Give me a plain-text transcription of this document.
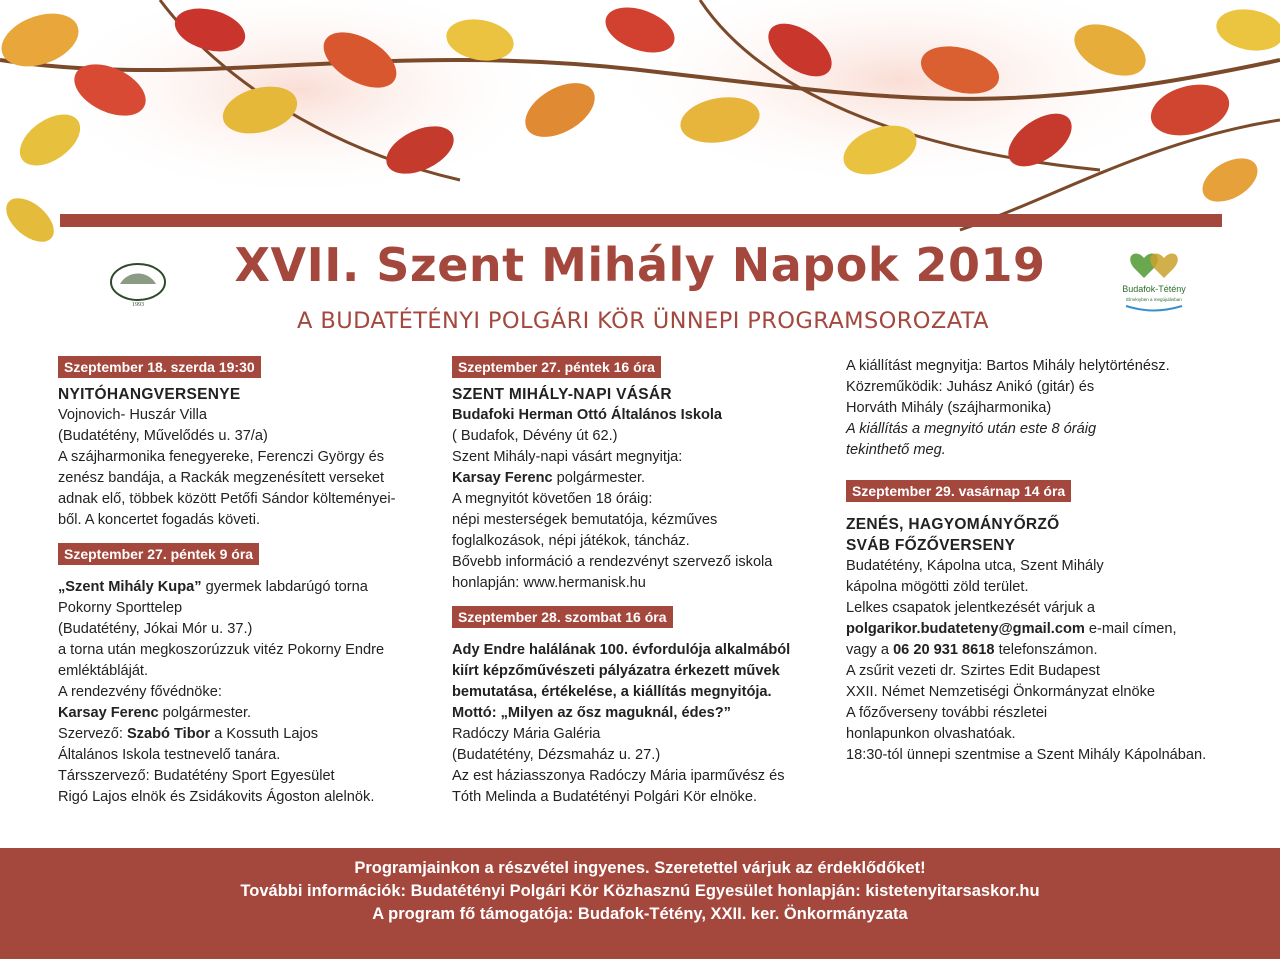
1993
Budafok-Tétény
Élményben a megújulásban
XVII. Szent Mihály Napok 2019
A BUDATÉTÉNYI POLGÁRI KÖR ÜNNEPI PROGRAMSOROZATA
Szeptember 18. szerda 19:30

NYITÓHANGVERSENYE

Vojnovich- Huszár Villa

(Budatétény, Művelődés u. 37/a)

A szájharmonika fenegyereke, Ferenczi György és

zenész bandája, a Rackák megzenésített verseket

adnak elő, többek között Petőfi Sándor költeményei-

ből. A koncertet fogadás követi.

Szeptember 27. péntek 9 óra

„Szent Mihály Kupa” gyermek labdarúgó torna

Pokorny Sporttelep

(Budatétény, Jókai Mór u. 37.)

a torna után megkoszorúzzuk vitéz Pokorny Endre

emléktábláját.

A rendezvény fővédnöke:

Karsay Ferenc polgármester.

Szervező: Szabó Tibor a Kossuth Lajos

Általános Iskola testnevelő tanára.

Társszervező: Budatétény Sport Egyesület

Rigó Lajos elnök és Zsidákovits Ágoston alelnök.

Szeptember 27. péntek 16 óra

SZENT MIHÁLY-NAPI VÁSÁR

Budafoki Herman Ottó Általános Iskola

( Budafok, Dévény út 62.)

Szent Mihály-napi vásárt megnyitja:

Karsay Ferenc polgármester.

A megnyitót követően 18 óráig:

népi mesterségek bemutatója, kézműves

foglalkozások, népi játékok, táncház.

Bővebb információ a rendezvényt szervező iskola

honlapján: www.hermanisk.hu

Szeptember 28. szombat 16 óra

Ady Endre halálának 100. évfordulója alkalmából

kiírt képzőművészeti pályázatra érkezett művek

bemutatása, értékelése, a kiállítás megnyitója.

Mottó: „Milyen az ősz maguknál, édes?”

Radóczy Mária Galéria

(Budatétény, Dézsmaház u. 27.)

Az est háziasszonya Radóczy Mária iparművész és

Tóth Melinda a Budatétényi Polgári Kör elnöke.

A kiállítást megnyitja: Bartos Mihály helytörténész.

Közreműködik: Juhász Anikó (gitár) és

Horváth Mihály (szájharmonika)

A kiállítás a megnyitó után este 8 óráig

tekinthető meg.

Szeptember 29. vasárnap 14 óra

ZENÉS, HAGYOMÁNYŐRZŐ

SVÁB FŐZŐVERSENY

Budatétény, Kápolna utca, Szent Mihály

kápolna mögötti zöld terület.

Lelkes csapatok jelentkezését várjuk a

polgarikor.budateteny@gmail.com e-mail címen,

vagy a 06 20 931 8618 telefonszámon.

A zsűrit vezeti dr. Szirtes Edit Budapest

XXII. Német Nemzetiségi Önkormányzat elnöke

A főzőverseny további részletei

honlapunkon olvashatóak.

18:30-tól ünnepi szentmise a Szent Mihály Kápolnában.

Programjainkon a részvétel ingyenes. Szeretettel várjuk az érdeklődőket!

További információk: Budatétényi Polgári Kör Közhasznú Egyesület honlapján: kistetenyitarsaskor.hu

A program fő támogatója: Budafok-Tétény, XXII. ker. Önkormányzata
